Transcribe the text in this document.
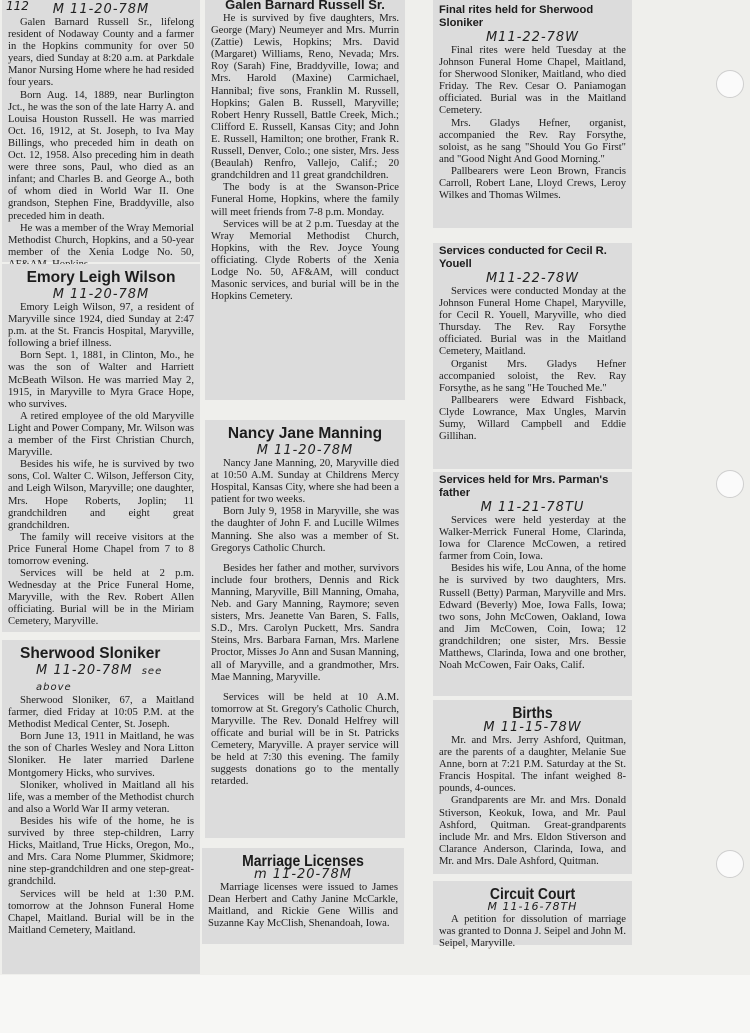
112	M 11-20-78M

Galen Barnard Russell Sr., lifelong resident of Nodaway County and a farmer in the Hopkins community for over 50 years, died Sunday at 8:20 a.m. at Parkdale Manor Nursing Home where he had resided four years.

Born Aug. 14, 1889, near Burlington Jct., he was the son of the late Harry A. and Louisa Houston Russell. He was married Oct. 16, 1912, at St. Joseph, to Iva May Billings, who preceded him in death on Oct. 12, 1958. Also preceding him in death were three sons, Paul, who died as an infant; and Charles B. and George A., both of whom died in World War II. One grandson, Stephen Fine, Braddyville, also preceded him in death.

He was a member of the Wray Memorial Methodist Church, Hopkins, and a 50-year member of the Xenia Lodge No. 50,

Galen Barnard Russell Sr.

He is survived by five daughters, Mrs. George (Mary) Neumeyer and Mrs. Murrin (Zattie) Lewis, Hopkins; Mrs. David (Margaret) Williams, Reno, Nevada; Mrs. Roy (Sarah) Fine, Braddyville, Iowa; and Mrs. Harold (Maxine) Carmichael, Hannibal; five sons, Franklin M. Russell, Hopkins; Galen B. Russell, Maryville; Robert Henry Russell, Battle Creek, Mich.; Clifford E. Russell, Kansas City; and John E. Russell, Hamilton; one brother, Frank R. Russell, Denver, Colo.; one sister, Mrs. Jess (Beaulah) Renfro, Vallejo, Calif.; 20 grandchildren and 11 great grandchildren.

The body is at the Swanson-Price Funeral Home, Hopkins, where the family will meet friends from 7-8 p.m. Monday.

Services will be at 2 p.m. Tuesday at the Wray Memorial Methodist Church, Hopkins, with the Rev. Joyce Young officiating. Clyde Roberts of the Xenia Lodge No. 50, AF&AM, will conduct Masonic services, and burial will be in the Hopkins Cemetery.

Emory Leigh Wilson
M 11-20-78M

Emory Leigh Wilson, 97, a resident of Maryville since 1924, died Sunday at 2:47 p.m. at the St. Francis Hospital, Maryville, following a brief illness.

Born Sept. 1, 1881, in Clinton, Mo., he was the son of Walter and Harriett McBeath Wilson. He was married May 2, 1915, in Maryville to Myra Grace Hope, who survives.

A retired employee of the old Maryville Light and Power Company, Mr. Wilson was a member of the First Christian Church, Maryville.

Besides his wife, he is survived by two sons, Col. Walter C. Wilson, Jefferson City, and Leigh Wilson, Maryville; one daughter, Mrs. Hope Roberts, Joplin; 11 grandchildren and eight great grandchildren.

The family will receive visitors at the Price Funeral Home Chapel from 7 to 8 tomorrow evening.

Services will be held at 2 p.m. Wednesday at the Price Funeral Home, Maryville, with the Rev. Robert Allen officiating. Burial will be in the Miriam Cemetery, Maryville.

Sherwood Sloniker
M 11-20-78M see above

Sherwood Sloniker, 67, a Maitland farmer, died Friday at 10:05 P.M. at the Methodist Medical Center, St. Joseph.

Born June 13, 1911 in Maitland, he was the son of Charles Wesley and Nora Litton Sloniker. He later married Darlene Montgomery Hicks, who survives.

Sloniker, wholived in Maitland all his life, was a member of the Methodist church and also a World War II army veteran.

Besides his wife of the home, he is survived by three step-children, Larry Hicks, Maitland, True Hicks, Oregon, Mo., and Mrs. Cara Nome Plummer, Skidmore; nine step-grandchildren and one step-great-grandchild.

Services will be held at 1:30 P.M. tomorrow at the Johnson Funeral Home Chapel, Maitland. Burial will be in the Maitland Cemetery, Maitland.

Nancy Jane Manning
M 11-20-78M

Nancy Jane Manning, 20, Maryville died at 10:50 A.M. Sunday at Childrens Mercy Hospital, Kansas City, where she had been a patient for two weeks.

Born July 9, 1958 in Maryville, she was the daughter of John F. and Lucille Wilmes Manning. She also was a member of St. Gregorys Catholic Church.

Besides her father and mother, survivors include four brothers, Dennis and Rick Manning, Maryville, Bill Manning, Omaha, Neb. and Gary Manning, Raymore; seven sisters, Mrs. Jeanette Van Baren, S. Falls, S.D., Mrs. Carolyn Puckett, Mrs. Sandra Steins, Mrs. Barbara Farnan, Mrs. Marlene Proctor, Misses Jo Ann and Susan Manning, all of Maryville, and a grandmother, Mrs. Mae Manning, Maryville.

Services will be held at 10 A.M. tomorrow at St. Gregory's Catholic Church, Maryville. The Rev. Donald Helfrey will officate and burial will be in St. Patricks Cemetery, Maryville. A prayer service will be held at 7:30 this evening. The family suggests donations go to the mentally retarded.

Marriage Licenses
m 11-20-78M

Marriage licenses were issued to James Dean Herbert and Cathy Janine McCarkle, Maitland, and Rickie Gene Willis and Suzanne Kay McClish, Shenandoah, Iowa.

Final rites held for Sherwood Sloniker
M11-22-78W

Final rites were held Tuesday at the Johnson Funeral Home Chapel, Maitland, for Sherwood Sloniker, Maitland, who died Friday. The Rev. Cesar O. Paniamogan officiated. Burial was in the Maitland Cemetery.

Mrs. Gladys Hefner, organist, accompanied the Rev. Ray Forsythe, soloist, as he sang "Should You Go First" and "Good Night And Good Morning."

Pallbearers were Leon Brown, Francis Carroll, Robert Lane, Lloyd Crews, Leroy Wilkes and Thomas Wilmes.

Services conducted for Cecil R. Youell
M11-22-78W

Services were conducted Monday at the Johnson Funeral Home Chapel, Maryville, for Cecil R. Youell, Maryville, who died Thursday. The Rev. Ray Forsythe officiated. Burial was in the Maitland Cemetery, Maitland.

Organist Mrs. Gladys Hefner accompanied soloist, the Rev. Ray Forsythe, as he sang "He Touched Me."

Pallbearers were Edward Fishback, Clyde Lowrance, Max Ungles, Marvin Sumy, Willard Campbell and Eddie Gillihan.

Services held for Mrs. Parman's father
M 11-21-78TU

Services were held yesterday at the Walker-Merrick Funeral Home, Clarinda, Iowa for Clarence McCowen, a retired farmer from Coin, Iowa.

Besides his wife, Lou Anna, of the home he is survived by two daughters, Mrs. Russell (Betty) Parman, Maryville and Mrs. Edward (Beverly) Moe, Iowa Falls, Iowa; two sons, John McCowen, Oakland, Iowa and Jim McCowen, Coin, Iowa; 12 grandchildren; one sister, Mrs. Bessie Matthews, Clarinda, Iowa and one brother, Noah McCowen, Fair Oaks, Calif.

Births
M 11-15-78W

Mr. and Mrs. Jerry Ashford, Quitman, are the parents of a daughter, Melanie Sue Anne, born at 7:21 P.M. Saturday at the St. Francis Hospital. The infant weighed 8-pounds, 4-ounces.

Grandparents are Mr. and Mrs. Donald Stiverson, Keokuk, Iowa, and Mr. Paul Ashford, Quitman. Great-grandparents include Mr. and Mrs. Eldon Stiverson and Clarance Anderson, Clarinda, Iowa, and Mr. and Mrs. Dale Ashford, Quitman.

Circuit Court
M 11-16-78TH

A petition for dissolution of marriage was granted to Donna J. Seipel and John M. Seipel, Maryville.
